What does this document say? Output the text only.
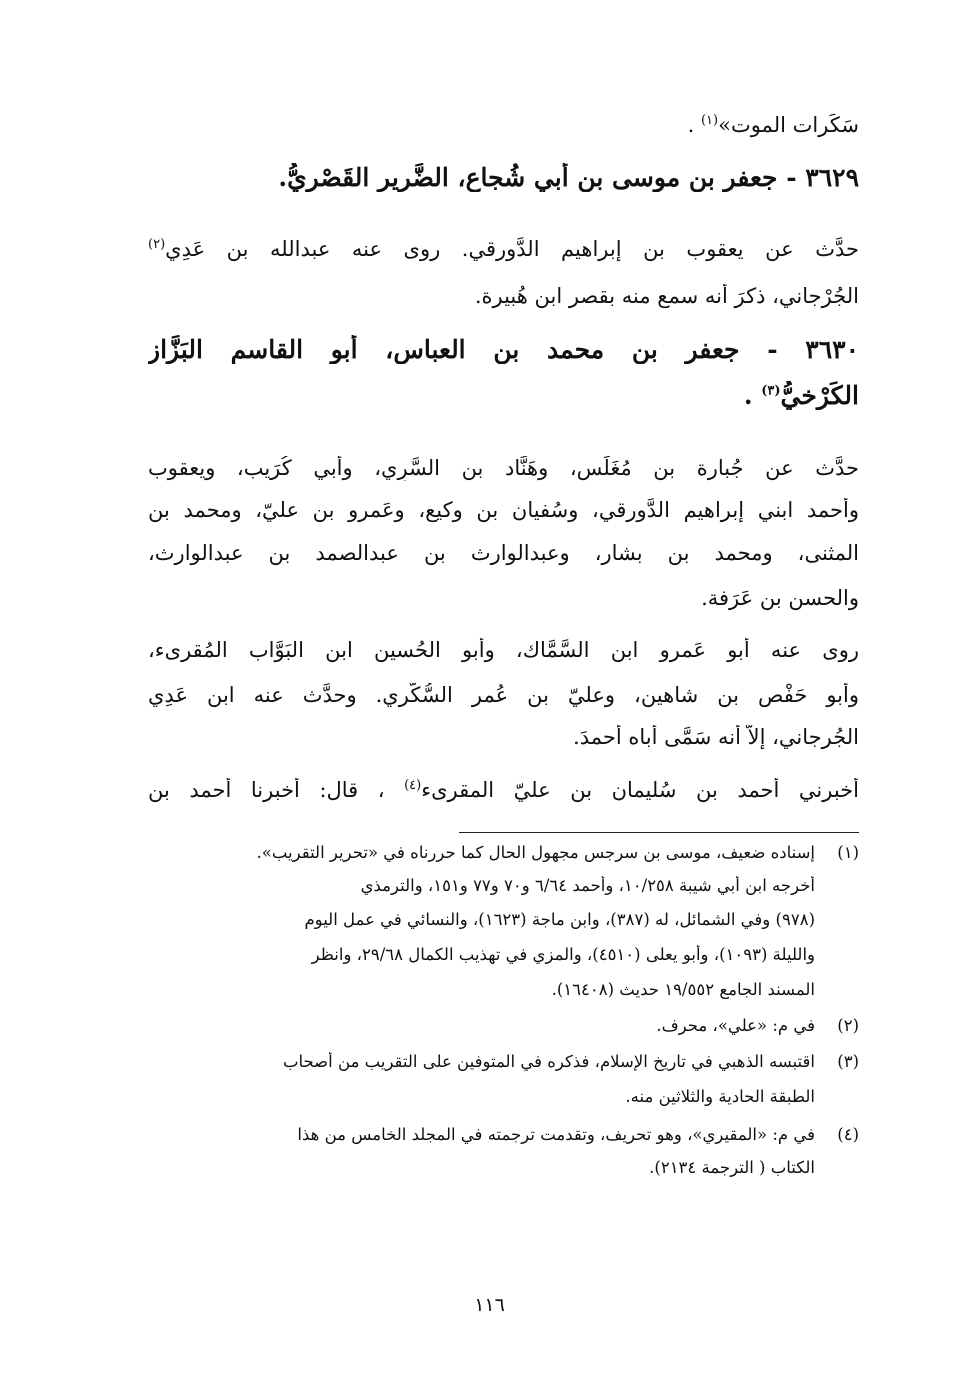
سَكَرات الموت»$^{(١)}$ .
٣٦٢٩ - جعفر بن موسى بن أبي شُجاع، الضَّرير القَصْريُّ.
حدَّث عن يعقوب بن إبراهيم الدَّورقي. روى عنه عبدالله بن عَدِي$^{(٢)}$
الجُرْجاني، ذكرَ أنه سمع منه بقصر ابن هُبيرة.
٣٦٣٠ - جعفر بن محمد بن العباس، أبو القاسم البَزَّاز
الكَرْخيُّ$^{(٣)}$ .
حدَّث عن جُبارة بن مُغَلِّس، وهَنَّاد بن السَّرِي، وأبي كُرَيب، ويعقوب
وأحمد ابني إبراهيم الدَّورقي، وسُفيان بن وكيع، وعَمرو بن عليّ، ومحمد بن
المثنى، ومحمد بن بشار، وعبدالوارث بن عبدالصمد بن عبدالوارث،
والحسن بن عَرَفة.
روى عنه أبو عَمرو ابن السَّمَّاك، وأبو الحُسين ابن البَوَّاب المُقرىء،
وأبو حَفْص بن شاهين، وعليّ بن عُمر السُّكَّري. وحدَّث عنه ابن عَدِي
الجُرجاني، إلاّ أنه سَمَّى أباه أحمدَ.
أخبرني أحمد بن سُليمان بن عليّ المقرىء$^{(٤)}$ ، قال: أخبرنا أحمد بن
(١)
إسناده ضعيف، موسى بن سرجس مجهول الحال كما حررناه في «تحرير التقريب».
أخرجه ابن أبي شيبة ١٠/٢٥٨، وأحمد ٦/٦٤ و٧٠ و٧٧ و١٥١، والترمذي
(٩٧٨) وفي الشمائل، له (٣٨٧)، وابن ماجة (١٦٢٣)، والنسائي في عمل اليوم
والليلة (١٠٩٣)، وأبو يعلى (٤٥١٠)، والمزي في تهذيب الكمال ٢٩/٦٨، وانظر
المسند الجامع ١٩/٥٥٢ حديث (١٦٤٠٨).
(٢)
في م: «علي»، محرف.
(٣)
اقتبسه الذهبي في تاريخ الإسلام، فذكره في المتوفين على التقريب من أصحاب
الطبقة الحادية والثلاثين منه.
(٤)
في م: «المقيري»، وهو تحريف، وتقدمت ترجمته في المجلد الخامس من هذا
الكتاب ( الترجمة ٢١٣٤).
١١٦
